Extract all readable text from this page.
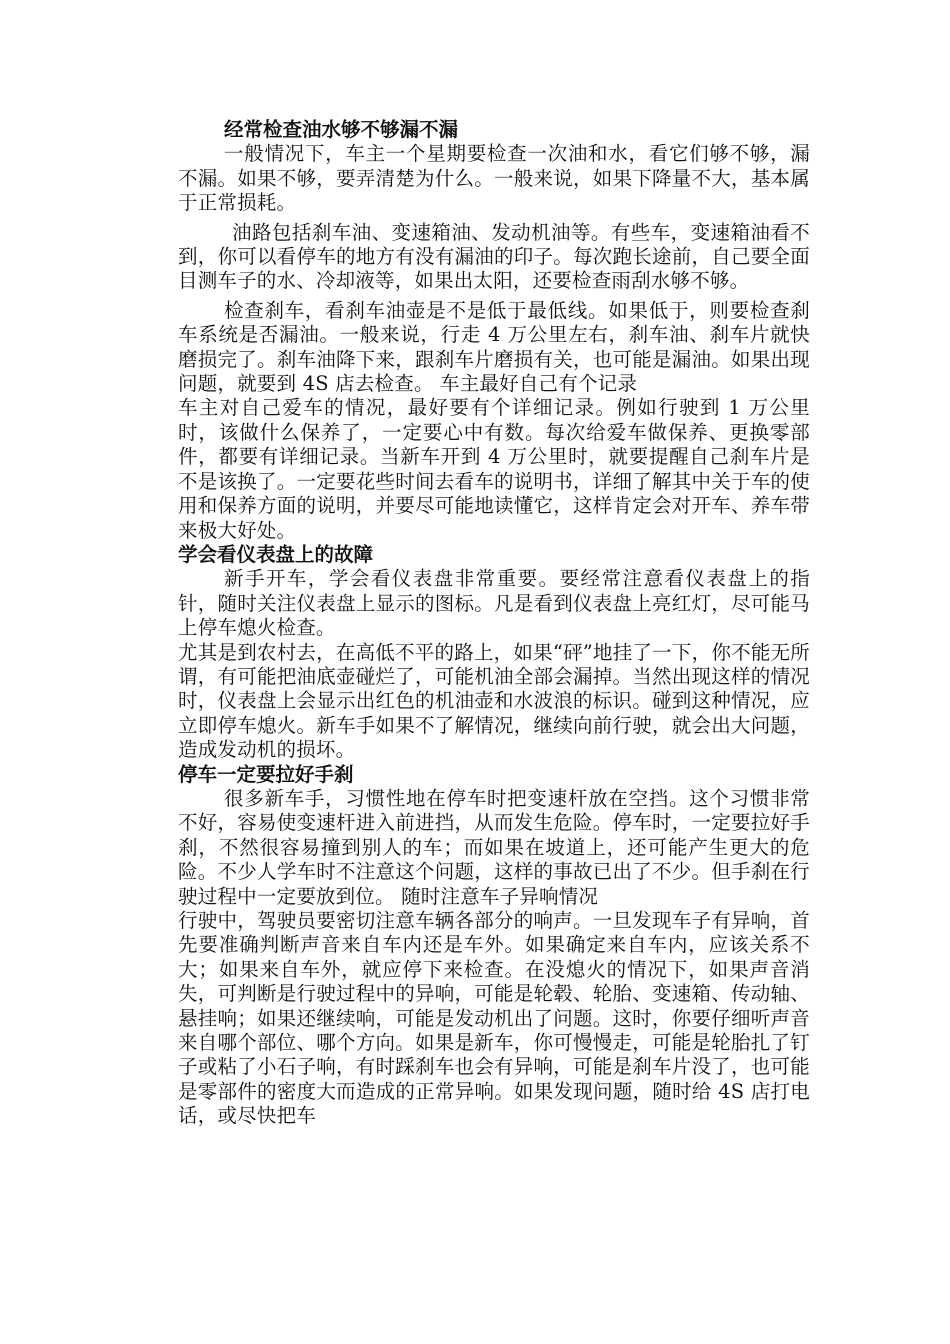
经常检查油水够不够漏不漏

一般情况下，车主一个星期要检查一次油和水，看它们够不够，漏不漏。如果不够，要弄清楚为什么。一般来说，如果下降量不大，基本属于正常损耗。

油路包括刹车油、变速箱油、发动机油等。有些车，变速箱油看不到，你可以看停车的地方有没有漏油的印子。每次跑长途前，自己要全面目测车子的水、冷却液等，如果出太阳，还要检查雨刮水够不够。

检查刹车，看刹车油壶是不是低于最低线。如果低于，则要检查刹车系统是否漏油。一般来说，行走 4 万公里左右，刹车油、刹车片就快磨损完了。刹车油降下来，跟刹车片磨损有关，也可能是漏油。如果出现问题，就要到 4S 店去检查。 车主最好自己有个记录

车主对自己爱车的情况，最好要有个详细记录。例如行驶到 1 万公里时，该做什么保养了，一定要心中有数。每次给爱车做保养、更换零部件，都要有详细记录。当新车开到 4 万公里时，就要提醒自己刹车片是不是该换了。一定要花些时间去看车的说明书，详细了解其中关于车的使用和保养方面的说明，并要尽可能地读懂它，这样肯定会对开车、养车带来极大好处。

学会看仪表盘上的故障

新手开车，学会看仪表盘非常重要。要经常注意看仪表盘上的指针，随时关注仪表盘上显示的图标。凡是看到仪表盘上亮红灯，尽可能马上停车熄火检查。

尤其是到农村去，在高低不平的路上，如果“砰”地挂了一下，你不能无所谓，有可能把油底壶碰烂了，可能机油全部会漏掉。当然出现这样的情况时，仪表盘上会显示出红色的机油壶和水波浪的标识。碰到这种情况，应立即停车熄火。新车手如果不了解情况，继续向前行驶，就会出大问题，造成发动机的损坏。

停车一定要拉好手刹

很多新车手，习惯性地在停车时把变速杆放在空挡。这个习惯非常不好，容易使变速杆进入前进挡，从而发生危险。停车时，一定要拉好手刹，不然很容易撞到别人的车；而如果在坡道上，还可能产生更大的危险。不少人学车时不注意这个问题，这样的事故已出了不少。但手刹在行驶过程中一定要放到位。 随时注意车子异响情况

行驶中，驾驶员要密切注意车辆各部分的响声。一旦发现车子有异响，首先要准确判断声音来自车内还是车外。如果确定来自车内，应该关系不大；如果来自车外，就应停下来检查。在没熄火的情况下，如果声音消失，可判断是行驶过程中的异响，可能是轮毂、轮胎、变速箱、传动轴、悬挂响；如果还继续响，可能是发动机出了问题。这时，你要仔细听声音来自哪个部位、哪个方向。如果是新车，你可慢慢走，可能是轮胎扎了钉子或粘了小石子响，有时踩刹车也会有异响，可能是刹车片没了，也可能是零部件的密度大而造成的正常异响。如果发现问题，随时给 4S 店打电话，或尽快把车
